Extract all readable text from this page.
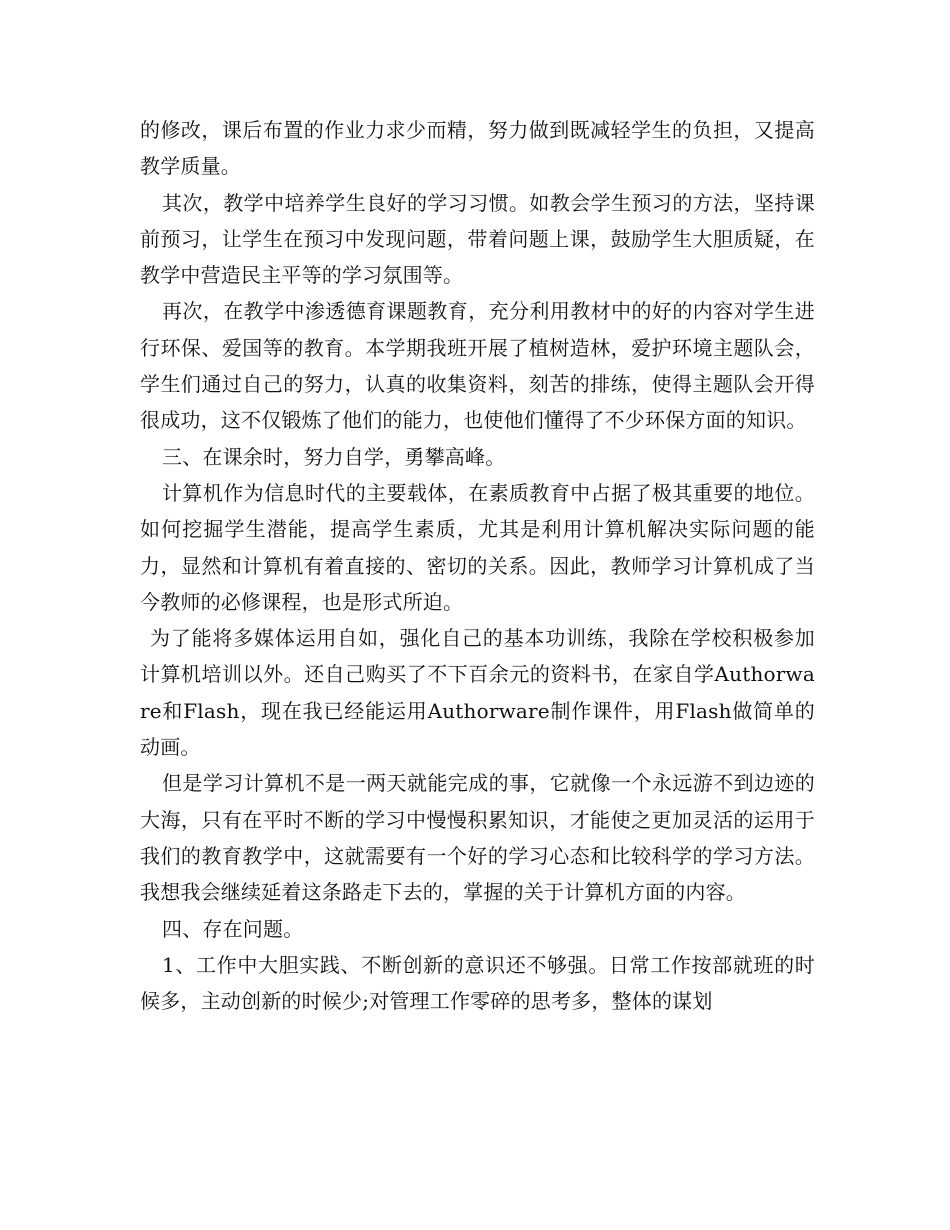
的修改，课后布置的作业力求少而精，努力做到既减轻学生的负担，又提高教学质量。

其次，教学中培养学生良好的学习习惯。如教会学生预习的方法，坚持课前预习，让学生在预习中发现问题，带着问题上课，鼓励学生大胆质疑，在教学中营造民主平等的学习氛围等。

再次，在教学中渗透德育课题教育，充分利用教材中的好的内容对学生进行环保、爱国等的教育。本学期我班开展了植树造林，爱护环境主题队会，学生们通过自己的努力，认真的收集资料，刻苦的排练，使得主题队会开得很成功，这不仅锻炼了他们的能力，也使他们懂得了不少环保方面的知识。

三、在课余时，努力自学，勇攀高峰。

计算机作为信息时代的主要载体，在素质教育中占据了极其重要的地位。如何挖掘学生潜能，提高学生素质，尤其是利用计算机解决实际问题的能力，显然和计算机有着直接的、密切的关系。因此，教师学习计算机成了当今教师的必修课程，也是形式所迫。

为了能将多媒体运用自如，强化自己的基本功训练，我除在学校积极参加计算机培训以外。还自己购买了不下百余元的资料书，在家自学Authorware和Flash，现在我已经能运用Authorware制作课件，用Flash做简单的动画。

但是学习计算机不是一两天就能完成的事，它就像一个永远游不到边迹的大海，只有在平时不断的学习中慢慢积累知识，才能使之更加灵活的运用于我们的教育教学中，这就需要有一个好的学习心态和比较科学的学习方法。我想我会继续延着这条路走下去的，掌握的关于计算机方面的内容。

四、存在问题。

1、工作中大胆实践、不断创新的意识还不够强。日常工作按部就班的时候多，主动创新的时候少;对管理工作零碎的思考多，整体的谋划
